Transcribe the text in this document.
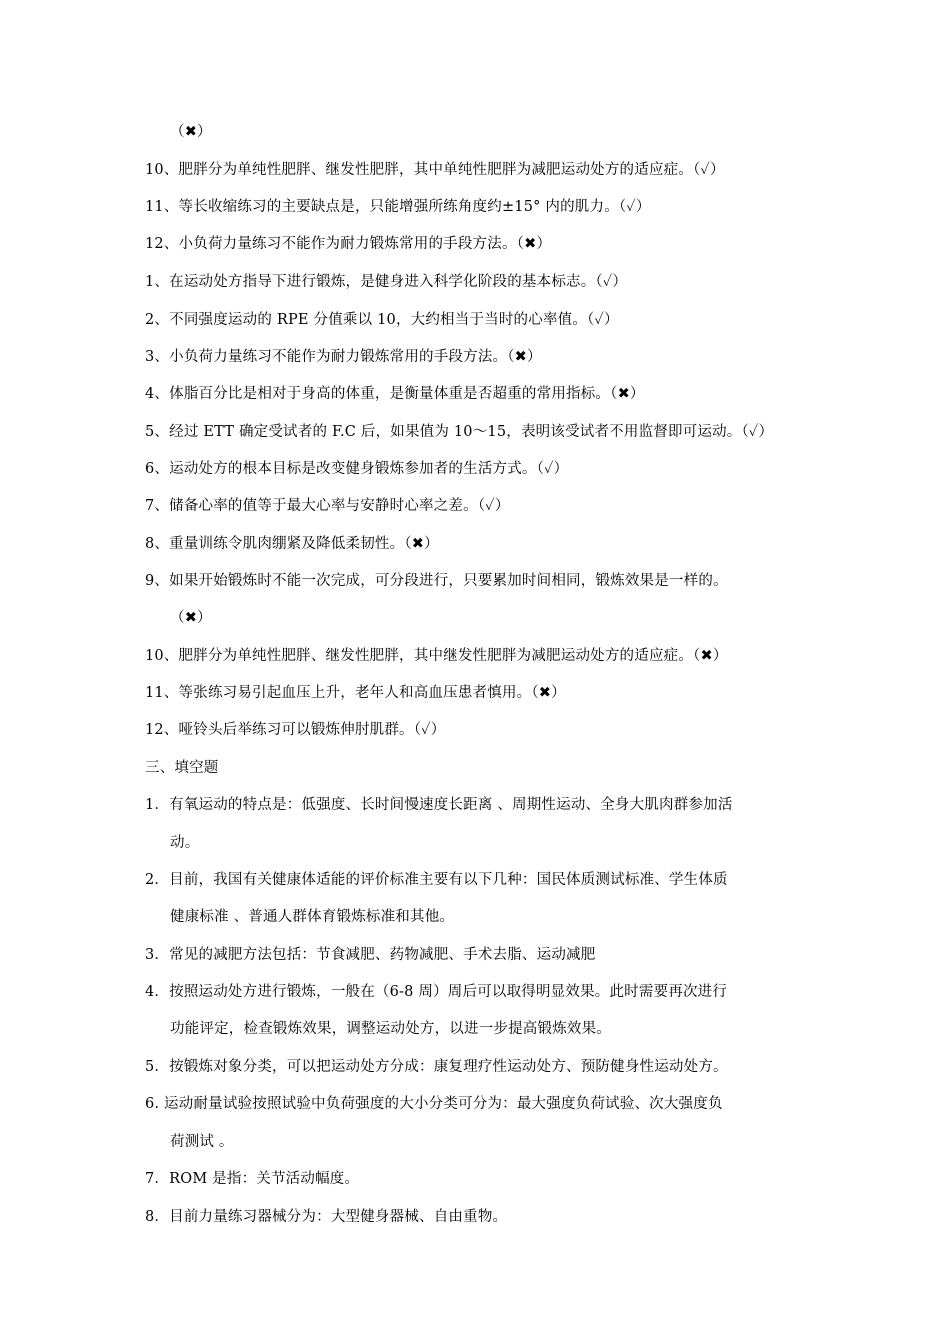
（✖）
10、肥胖分为单纯性肥胖、继发性肥胖，其中单纯性肥胖为减肥运动处方的适应症。（✓）
11、等长收缩练习的主要缺点是，只能增强所练角度约±15° 内的肌力。（✓）
12、小负荷力量练习不能作为耐力锻炼常用的手段方法。（✖）
1、在运动处方指导下进行锻炼，是健身进入科学化阶段的基本标志。（✓）
2、不同强度运动的 RPE 分值乘以 10，大约相当于当时的心率值。（✓）
3、小负荷力量练习不能作为耐力锻炼常用的手段方法。（✖）
4、体脂百分比是相对于身高的体重，是衡量体重是否超重的常用指标。（✖）
5、经过 ETT 确定受试者的 F.C 后，如果值为 10～15，表明该受试者不用监督即可运动。（✓）
6、运动处方的根本目标是改变健身锻炼参加者的生活方式。（✓）
7、储备心率的值等于最大心率与安静时心率之差。（✓）
8、重量训练令肌肉绷紧及降低柔韧性。（✖）
9、如果开始锻炼时不能一次完成，可分段进行，只要累加时间相同，锻炼效果是一样的。
（✖）
10、肥胖分为单纯性肥胖、继发性肥胖，其中继发性肥胖为减肥运动处方的适应症。（✖）
11、等张练习易引起血压上升，老年人和高血压患者慎用。（✖）
12、哑铃头后举练习可以锻炼伸肘肌群。（✓）
三、填空题
1．有氧运动的特点是：低强度、长时间慢速度长距离 、周期性运动、全身大肌肉群参加活
动。
2．目前，我国有关健康体适能的评价标准主要有以下几种：国民体质测试标准、学生体质
健康标准 、普通人群体育锻炼标准和其他。
3．常见的减肥方法包括：节食减肥、药物减肥、手术去脂、运动减肥
4．按照运动处方进行锻炼，一般在（6-8 周）周后可以取得明显效果。此时需要再次进行
功能评定，检查锻炼效果，调整运动处方，以进一步提高锻炼效果。
5．按锻炼对象分类，可以把运动处方分成：康复理疗性运动处方、预防健身性运动处方。
6. 运动耐量试验按照试验中负荷强度的大小分类可分为：最大强度负荷试验、次大强度负
荷测试 。
7．ROM 是指：关节活动幅度。
8．目前力量练习器械分为：大型健身器械、自由重物。
